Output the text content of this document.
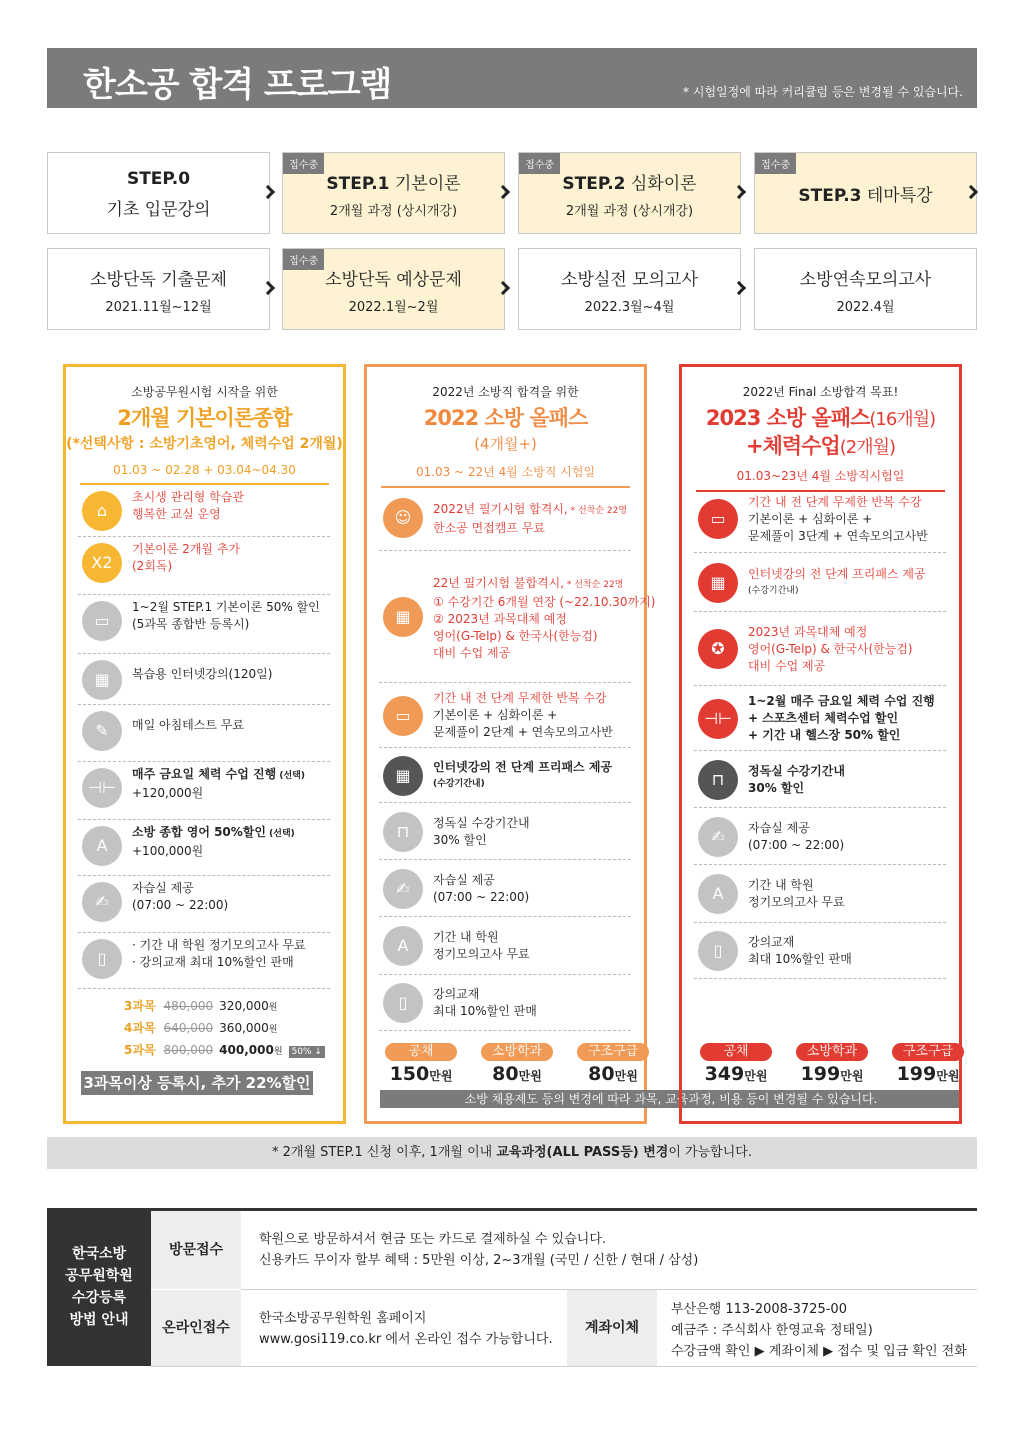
한소공 합격 프로그램	* 시험일정에 따라 커리큘럼 등은 변경될 수 있습니다.
STEP.0
기초 입문강의
접수중
STEP.1 기본이론
2개월 과정 (상시개강)
접수중
STEP.2 심화이론
2개월 과정 (상시개강)
접수중
STEP.3 테마특강
소방단독 기출문제
2021.11월~12월
접수중
소방단독 예상문제
2022.1월~2월
소방실전 모의고사
2022.3월~4월
소방연속모의고사
2022.4월
소방공무원시험 시작을 위한
2개월 기본이론종합
(*선택사항 : 소방기초영어, 체력수업 2개월)
01.03 ~ 02.28 + 03.04~04.30
3과목 480,000 320,000원
4과목 640,000 360,000원
5과목 800,000 400,000원 50% ↓
3과목이상 등록시, 추가 22%할인
⌂
초시생 관리형 학습관
행복한 교실 운영
X2
기본이론 2개월 추가
(2회독)
▭
1~2월 STEP.1 기본이론 50% 할인
(5과목 종합반 등록시)
▦	복습용 인터넷강의(120일)
✎	매일 아침테스트 무료
⊣⊢
매주 금요일 체력 수업 진행 (선택)
+120,000원
A
소방 종합 영어 50%할인 (선택)
+100,000원
✍
자습실 제공
(07:00 ~ 22:00)
▯
· 기간 내 학원 정기모의고사 무료
· 강의교재 최대 10%할인 판매
2022년 소방직 합격을 위한
2022 소방 올패스
(4개월+)
01.03 ~ 22년 4월 소방직 시험일
공채
150만원
소방학과
80만원
구조구급
80만원
☺	2022년 필기시험 합격시, * 선착순 22명
한소공 면접캠프 무료
▦
22년 필기시험 불합격시, * 선착순 22명
① 수강기간 6개월 연장 (~22.10.30까지)
② 2023년 과목대체 예정
영어(G-Telp) & 한국사(한능검)
대비 수업 제공
▭
기간 내 전 단계 무제한 반복 수강
기본이론 + 심화이론 +
문제풀이 2단계 + 연속모의고사반
▦	인터넷강의 전 단계 프리패스 제공
(수강기간내)
⊓	정독실 수강기간내
30% 할인
✍	자습실 제공
(07:00 ~ 22:00)
A	기간 내 학원
정기모의고사 무료
▯	강의교재
최대 10%할인 판매
소방 채용제도 등의 변경에 따라 과목, 교육과정, 비용 등이 변경될 수 있습니다.
2022년 Final 소방합격 목표!
2023 소방 올패스(16개월)
+체력수업(2개월)
01.03~23년 4월 소방직시험일
공채
349만원
소방학과
199만원
구조구급
199만원
▭
기간 내 전 단계 무제한 반복 수강
기본이론 + 심화이론 +
문제풀이 3단계 + 연속모의고사반
▦	인터넷강의 전 단계 프리패스 제공
(수강기간내)
✪
2023년 과목대체 예정
영어(G-Telp) & 한국사(한능검)
대비 수업 제공
⊣⊢
1~2월 매주 금요일 체력 수업 진행
+ 스포츠센터 체력수업 할인
+ 기간 내 헬스장 50% 할인
⊓	정독실 수강기간내
30% 할인
✍	자습실 제공
(07:00 ~ 22:00)
A	기간 내 학원
정기모의고사 무료
▯	강의교재
최대 10%할인 판매
* 2개월 STEP.1 신청 이후, 1개월 이내 교육과정(ALL PASS등) 변경이 가능합니다.
한국소방
공무원학원
수강등록
방법 안내
방문접수
학원으로 방문하셔서 현금 또는 카드로 결제하실 수 있습니다.
신용카드 무이자 할부 혜택 : 5만원 이상, 2~3개월 (국민 / 신한 / 현대 / 삼성)
온라인접수
한국소방공무원학원 홈페이지
www.gosi119.co.kr 에서 온라인 접수 가능합니다.
계좌이체
부산은행 113-2008-3725-00
예금주 : 주식회사 한영교육 정태일)
수강금액 확인 ▶ 계좌이체 ▶ 접수 및 입금 확인 전화
